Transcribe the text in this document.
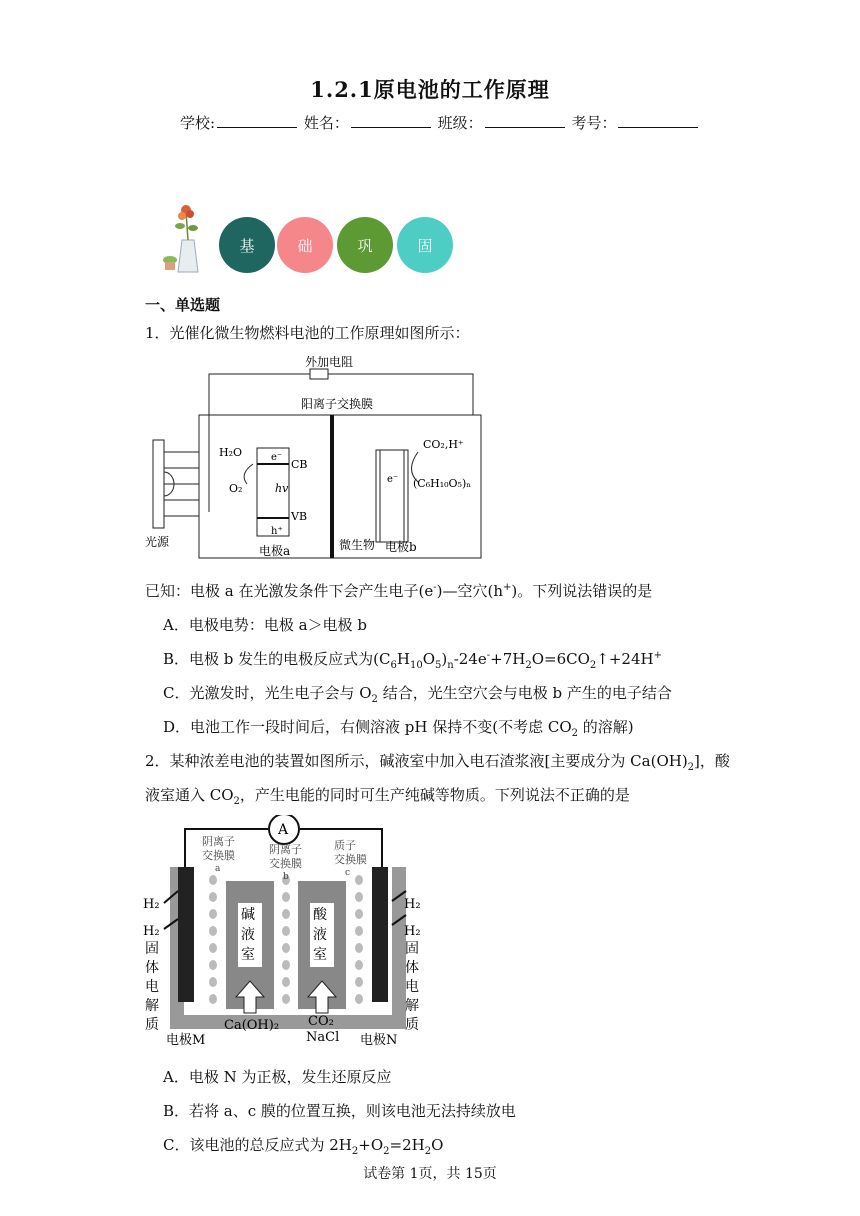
1.2.1原电池的工作原理
学校:	姓名：	班级：	考号：
基	础	巩	固
一、单选题
1．光催化微生物燃料电池的工作原理如图所示：
外加电阻
阳离子交换膜
光源
CB
VB
hv
e⁻
h⁺
H₂O
O₂
电极a
e⁻
CO₂,H⁺
(C₆H₁₀O₅)ₙ
微生物 电极b
已知：电极 a 在光激发条件下会产生电子(e-)—空穴(h+)。下列说法错误的是
A．电极电势：电极 a＞电极 b
B．电极 b 发生的电极反应式为$(C_6H_{10}O_5)_n-24e^-+7H_2O=6CO_2↑+24H^+$
C．光激发时，光生电子会与 $O_2$ 结合，光生空穴会与电极 b 产生的电子结合
D．电池工作一段时间后，右侧溶液 pH 保持不变(不考虑 $CO_2$ 的溶解)
2．某种浓差电池的装置如图所示，碱液室中加入电石渣浆液[主要成分为 $Ca(OH)_2$]，酸
液室通入 $CO_2$，产生电能的同时可生产纯碱等物质。下列说法不正确的是
A
碱
液
室
酸
液
室
阴离子
交换膜
a
阴离子
交换膜
b
质子
交换膜
c
H₂
H₂
固
体
电
解
质
H₂
H₂
固
体
电
解
质
Ca(OH)₂ CO₂
NaCl
电极M	电极N
A．电极 N 为正极，发生还原反应
B．若将 a、c 膜的位置互换，则该电池无法持续放电
C．该电池的总反应式为 $2H_2+O_2=2H_2O$
试卷第 1页，共 15页
